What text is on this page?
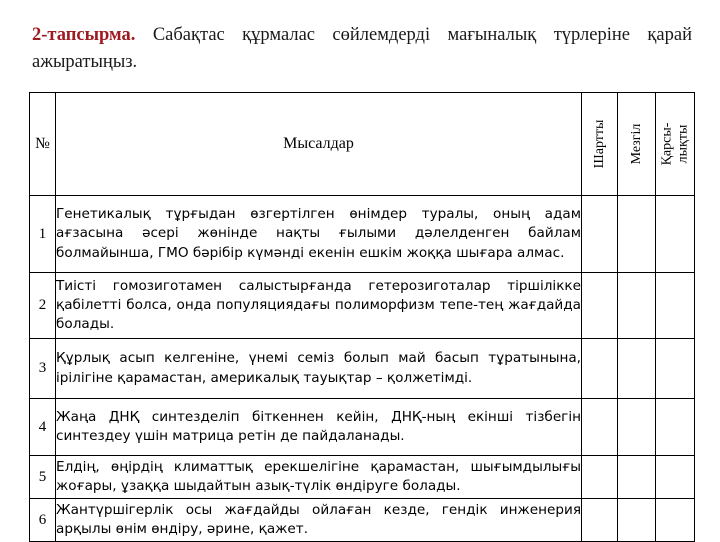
2-тапсырма. Сабақтас құрмалас сөйлемдерді мағыналық түрлеріне қарай ажыратыңыз.
№	Мысалдар	Шартты	Мезгіл	Қарсы- лықты

1	Генетикалық тұрғыдан өзгертілген өнімдер туралы, оның адам ағзасына әсері жөнінде нақты ғылыми дәлелденген байлам болмайынша, ГМО бәрібір күмәнді екенін ешкім жоққа шығара алмас.			
2	Тиісті гомозиготамен салыстырғанда гетерозиготалар тіршілікке қабілетті болса, онда популяциядағы полиморфизм тепе-тең жағдайда болады.			
3	Құрлық асып келгеніне, үнемі семіз болып май басып тұратынына, ірілігіне қарамастан, америкалық тауықтар – қолжетімді.			
4	Жаңа ДНҚ синтезделіп біткеннен кейін, ДНҚ-ның екінші тізбегін синтездеу үшін матрица ретін де пайдаланады.			
5	Елдің, өңірдің климаттық ерекшелігіне қарамастан, шығымдылығы жоғары, ұзаққа шыдайтын азық-түлік өндіруге болады.			
6	Жантүршігерлік осы жағдайды ойлаған кезде, гендік инженерия арқылы өнім өндіру, әрине, қажет.			
